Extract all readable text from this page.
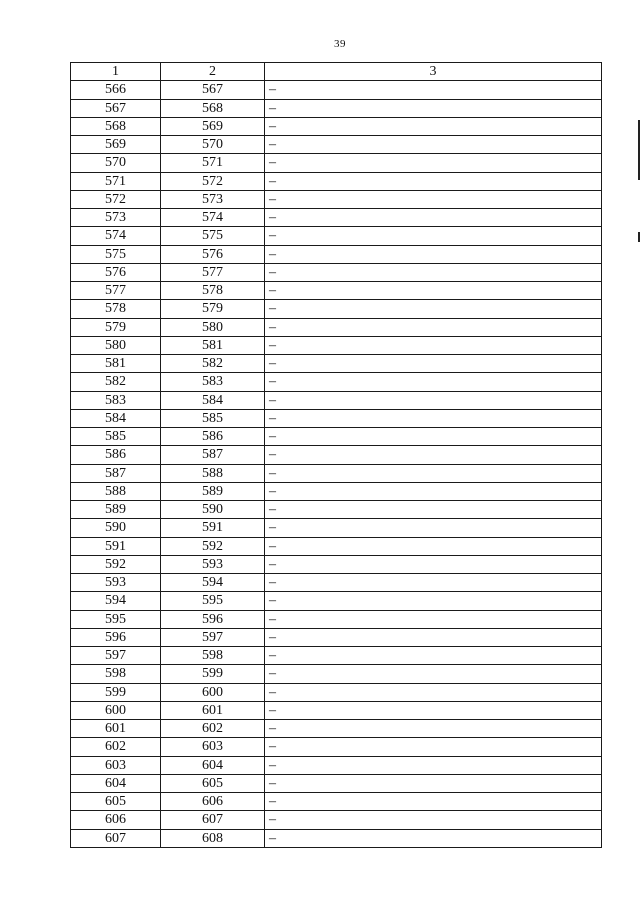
39
1	2	3
566	567	–
567	568	–
568	569	–
569	570	–
570	571	–
571	572	–
572	573	–
573	574	–
574	575	–
575	576	–
576	577	–
577	578	–
578	579	–
579	580	–
580	581	–
581	582	–
582	583	–
583	584	–
584	585	–
585	586	–
586	587	–
587	588	–
588	589	–
589	590	–
590	591	–
591	592	–
592	593	–
593	594	–
594	595	–
595	596	–
596	597	–
597	598	–
598	599	–
599	600	–
600	601	–
601	602	–
602	603	–
603	604	–
604	605	–
605	606	–
606	607	–
607	608	–
